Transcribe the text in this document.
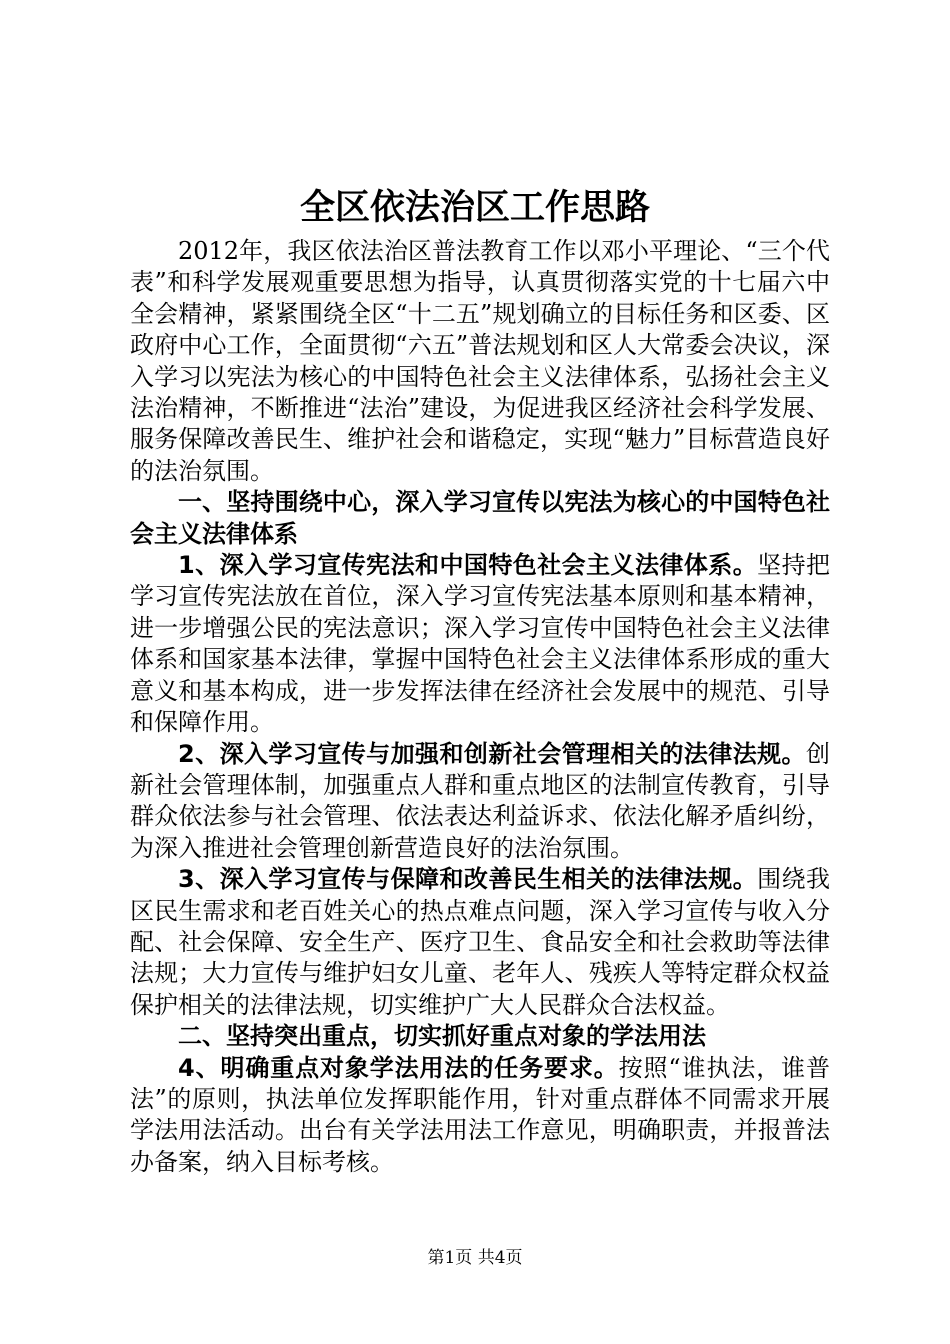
全区依法治区工作思路

2012年，我区依法治区普法教育工作以邓小平理论、“三个代表”和科学发展观重要思想为指导，认真贯彻落实党的十七届六中全会精神，紧紧围绕全区“十二五”规划确立的目标任务和区委、区政府中心工作，全面贯彻“六五”普法规划和区人大常委会决议，深入学习以宪法为核心的中国特色社会主义法律体系，弘扬社会主义法治精神，不断推进“法治”建设，为促进我区经济社会科学发展、服务保障改善民生、维护社会和谐稳定，实现“魅力”目标营造良好的法治氛围。

一、坚持围绕中心，深入学习宣传以宪法为核心的中国特色社会主义法律体系

1、深入学习宣传宪法和中国特色社会主义法律体系。坚持把学习宣传宪法放在首位，深入学习宣传宪法基本原则和基本精神，进一步增强公民的宪法意识；深入学习宣传中国特色社会主义法律体系和国家基本法律，掌握中国特色社会主义法律体系形成的重大意义和基本构成，进一步发挥法律在经济社会发展中的规范、引导和保障作用。

2、深入学习宣传与加强和创新社会管理相关的法律法规。创新社会管理体制，加强重点人群和重点地区的法制宣传教育，引导群众依法参与社会管理、依法表达利益诉求、依法化解矛盾纠纷，为深入推进社会管理创新营造良好的法治氛围。

3、深入学习宣传与保障和改善民生相关的法律法规。围绕我区民生需求和老百姓关心的热点难点问题，深入学习宣传与收入分配、社会保障、安全生产、医疗卫生、食品安全和社会救助等法律法规；大力宣传与维护妇女儿童、老年人、残疾人等特定群众权益保护相关的法律法规，切实维护广大人民群众合法权益。

二、坚持突出重点，切实抓好重点对象的学法用法

4、明确重点对象学法用法的任务要求。按照“谁执法，谁普法”的原则，执法单位发挥职能作用，针对重点群体不同需求开展学法用法活动。出台有关学法用法工作意见，明确职责，并报普法办备案，纳入目标考核。

第1页 共4页
